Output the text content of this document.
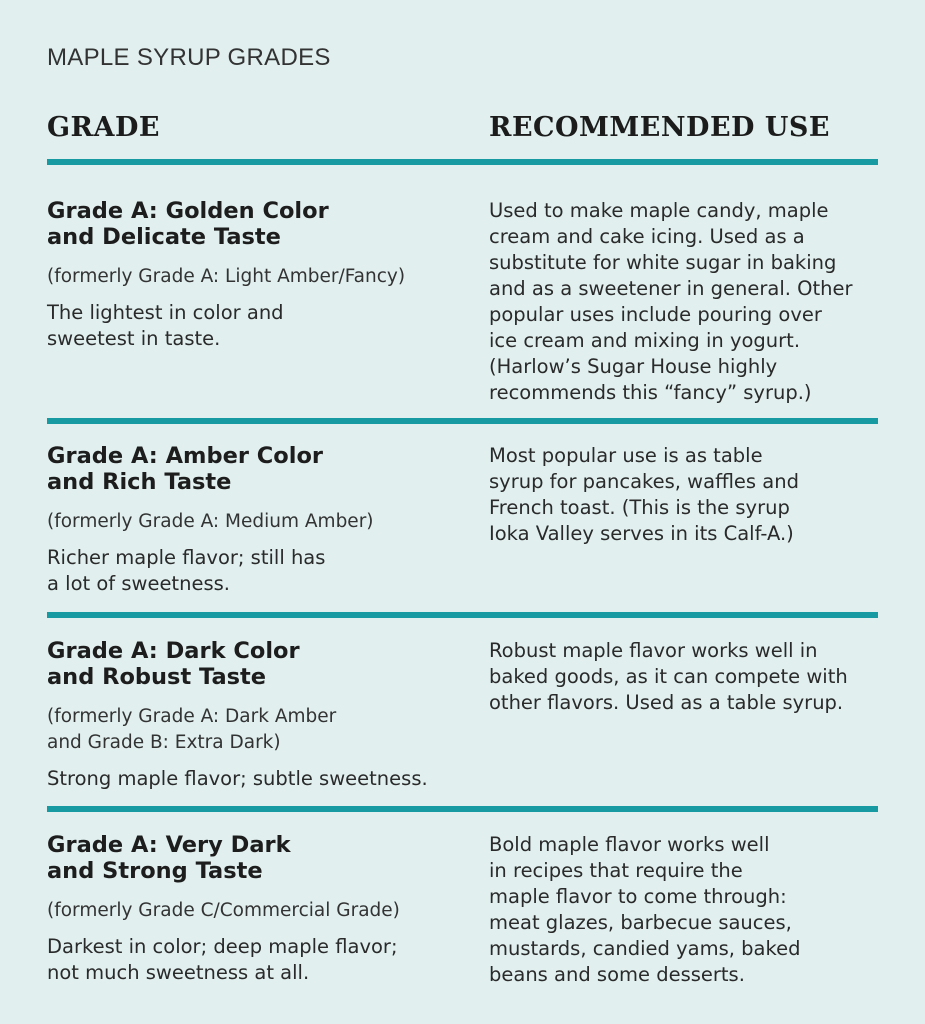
MAPLE SYRUP GRADES
GRADE	RECOMMENDED USE
Grade A: Golden Color
and Delicate Taste
(formerly Grade A: Light Amber/Fancy)
The lightest in color and
sweetest in taste.
Used to make maple candy, maple
cream and cake icing. Used as a
substitute for white sugar in baking
and as a sweetener in general. Other
popular uses include pouring over
ice cream and mixing in yogurt.
(Harlow’s Sugar House highly
recommends this “fancy” syrup.)
Grade A: Amber Color
and Rich Taste
(formerly Grade A: Medium Amber)
Richer maple flavor; still has
a lot of sweetness.
Most popular use is as table
syrup for pancakes, waffles and
French toast. (This is the syrup
Ioka Valley serves in its Calf-A.)
Grade A: Dark Color
and Robust Taste
(formerly Grade A: Dark Amber
and Grade B: Extra Dark)
Strong maple flavor; subtle sweetness.
Robust maple flavor works well in
baked goods, as it can compete with
other flavors. Used as a table syrup.
Grade A: Very Dark
and Strong Taste
(formerly Grade C/Commercial Grade)
Darkest in color; deep maple flavor;
not much sweetness at all.
Bold maple flavor works well
in recipes that require the
maple flavor to come through:
meat glazes, barbecue sauces,
mustards, candied yams, baked
beans and some desserts.
